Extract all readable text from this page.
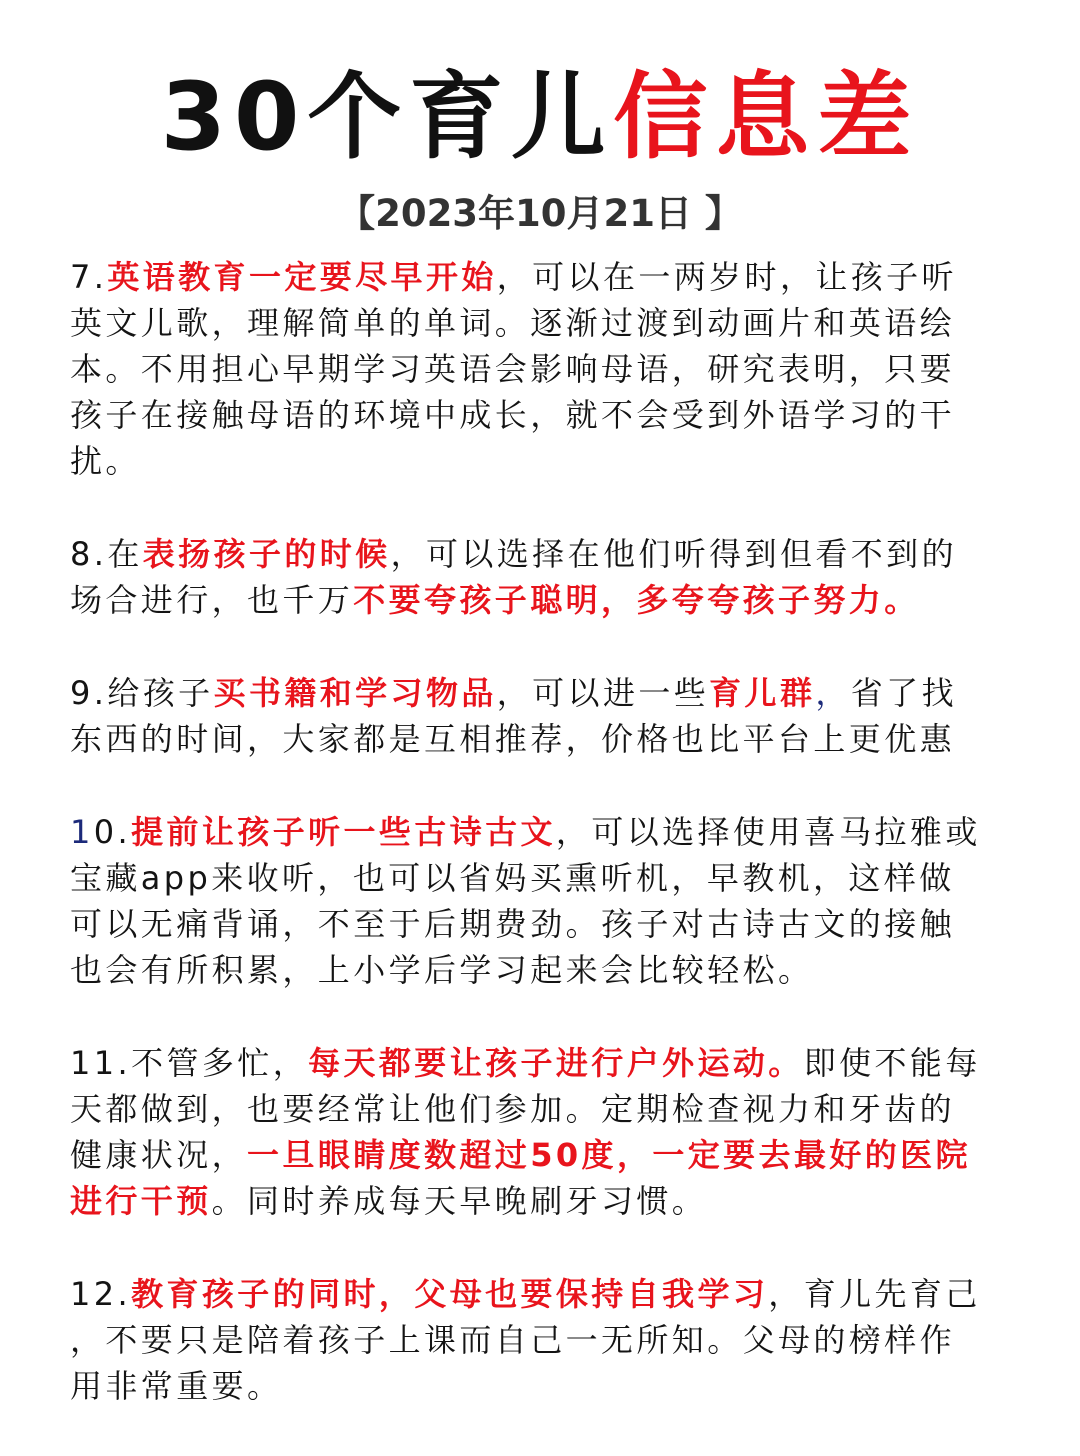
30个育儿信息差
【2023年10月21日 】
7.英语教育一定要尽早开始，可以在一两岁时，让孩子听
英文儿歌，理解简单的单词。逐渐过渡到动画片和英语绘
本。不用担心早期学习英语会影响母语，研究表明，只要
孩子在接触母语的环境中成长，就不会受到外语学习的干
扰。
8.在表扬孩子的时候，可以选择在他们听得到但看不到的
场合进行，也千万不要夸孩子聪明，多夸夸孩子努力。
9.给孩子买书籍和学习物品，可以进一些育儿群，省了找
东西的时间，大家都是互相推荐，价格也比平台上更优惠
10.提前让孩子听一些古诗古文，可以选择使用喜马拉雅或
宝藏app来收听，也可以省妈买熏听机，早教机，这样做
可以无痛背诵，不至于后期费劲。孩子对古诗古文的接触
也会有所积累，上小学后学习起来会比较轻松。
11.不管多忙，每天都要让孩子进行户外运动。即使不能每
天都做到，也要经常让他们参加。定期检查视力和牙齿的
健康状况，一旦眼睛度数超过50度，一定要去最好的医院
进行干预。同时养成每天早晚刷牙习惯。
12.教育孩子的同时，父母也要保持自我学习，育儿先育己
，不要只是陪着孩子上课而自己一无所知。父母的榜样作
用非常重要。
